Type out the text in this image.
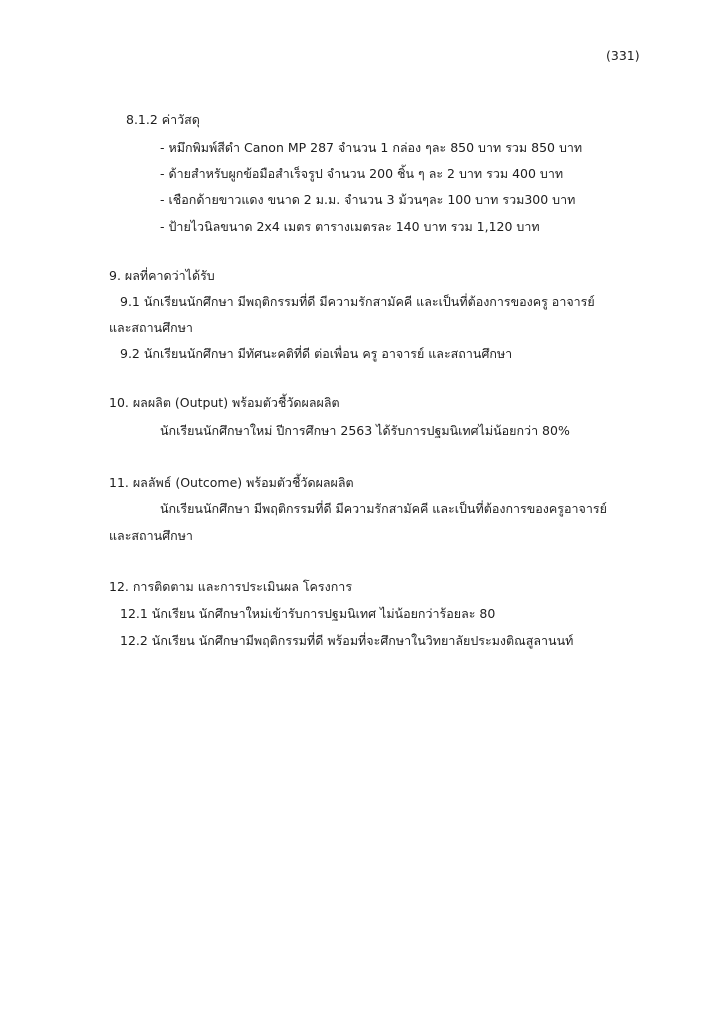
(331)
8.1.2 ค่าวัสดุ
- หมึกพิมพ์สีดำ Canon MP 287 จำนวน 1 กล่อง ๆละ 850 บาท รวม 850 บาท
- ด้ายสำหรับผูกข้อมือสำเร็จรูป จำนวน 200 ชิ้น ๆ ละ 2 บาท รวม 400 บาท
- เชือกด้ายขาวแดง ขนาด 2 ม.ม. จำนวน 3 ม้วนๆละ 100 บาท รวม300 บาท
- ป้ายไวนิลขนาด 2x4 เมตร ตารางเมตรละ 140 บาท รวม 1,120 บาท
9. ผลที่คาดว่าได้รับ
9.1 นักเรียนนักศึกษา มีพฤติกรรมที่ดี มีความรักสามัคคี และเป็นที่ต้องการของครู อาจารย์
และสถานศึกษา
9.2 นักเรียนนักศึกษา มีทัศนะคติที่ดี ต่อเพื่อน ครู อาจารย์ และสถานศึกษา
10. ผลผลิต (Output) พร้อมตัวชี้วัดผลผลิต
นักเรียนนักศึกษาใหม่ ปีการศึกษา 2563 ได้รับการปฐมนิเทศไม่น้อยกว่า 80%
11. ผลลัพธ์ (Outcome) พร้อมตัวชี้วัดผลผลิต
นักเรียนนักศึกษา มีพฤติกรรมที่ดี มีความรักสามัคคี และเป็นที่ต้องการของครูอาจารย์
และสถานศึกษา
12. การติดตาม และการประเมินผล โครงการ
12.1 นักเรียน นักศึกษาใหม่เข้ารับการปฐมนิเทศ ไม่น้อยกว่าร้อยละ 80
12.2 นักเรียน นักศึกษามีพฤติกรรมที่ดี พร้อมที่จะศึกษาในวิทยาลัยประมงติณสูลานนท์
